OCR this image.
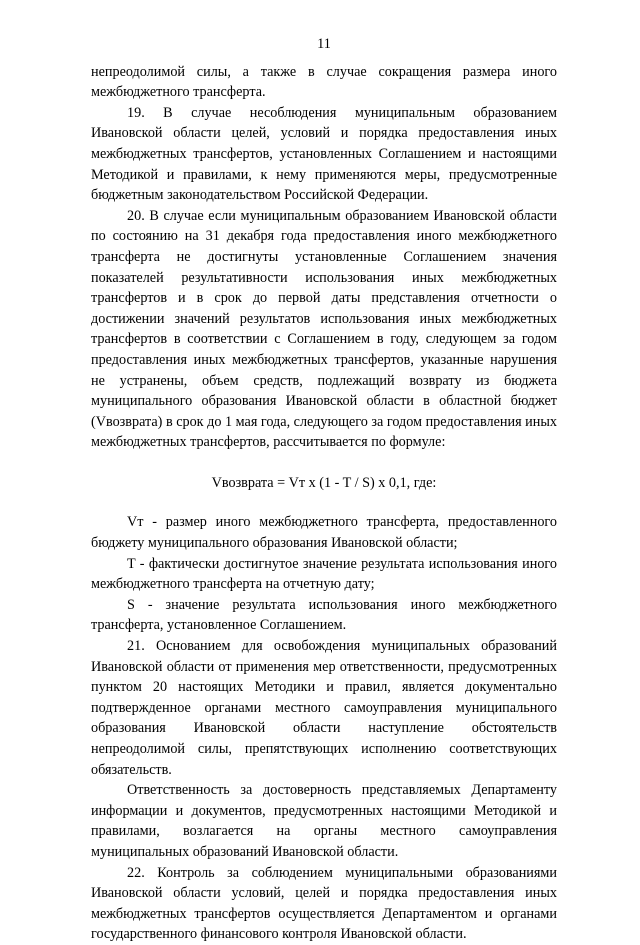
11

непреодолимой силы, а также в случае сокращения размера иного межбюджетного трансферта.

19. В случае несоблюдения муниципальным образованием Ивановской области целей, условий и порядка предоставления иных межбюджетных трансфертов, установленных Соглашением и настоящими Методикой и правилами, к нему применяются меры, предусмотренные бюджетным законодательством Российской Федерации.

20. В случае если муниципальным образованием Ивановской области по состоянию на 31 декабря года предоставления иного межбюджетного трансферта не достигнуты установленные Соглашением значения показателей результативности использования иных межбюджетных трансфертов и в срок до первой даты представления отчетности о достижении значений результатов использования иных межбюджетных трансфертов в соответствии с Соглашением в году, следующем за годом предоставления иных межбюджетных трансфертов, указанные нарушения не устранены, объем средств, подлежащий возврату из бюджета муниципального образования Ивановской области в областной бюджет (Vвозврата) в срок до 1 мая года, следующего за годом предоставления иных межбюджетных трансфертов, рассчитывается по формуле:

Vвозврата = Vт x (1 - T / S) x 0,1, где:

Vт - размер иного межбюджетного трансферта, предоставленного бюджету муниципального образования Ивановской области;

T - фактически достигнутое значение результата использования иного межбюджетного трансферта на отчетную дату;

S - значение результата использования иного межбюджетного трансферта, установленное Соглашением.

21. Основанием для освобождения муниципальных образований Ивановской области от применения мер ответственности, предусмотренных пунктом 20 настоящих Методики и правил, является документально подтвержденное органами местного самоуправления муниципального образования Ивановской области наступление обстоятельств непреодолимой силы, препятствующих исполнению соответствующих обязательств.

Ответственность за достоверность представляемых Департаменту информации и документов, предусмотренных настоящими Методикой и правилами, возлагается на органы местного самоуправления муниципальных образований Ивановской области.

22. Контроль за соблюдением муниципальными образованиями Ивановской области условий, целей и порядка предоставления иных межбюджетных трансфертов осуществляется Департаментом и органами государственного финансового контроля Ивановской области.
